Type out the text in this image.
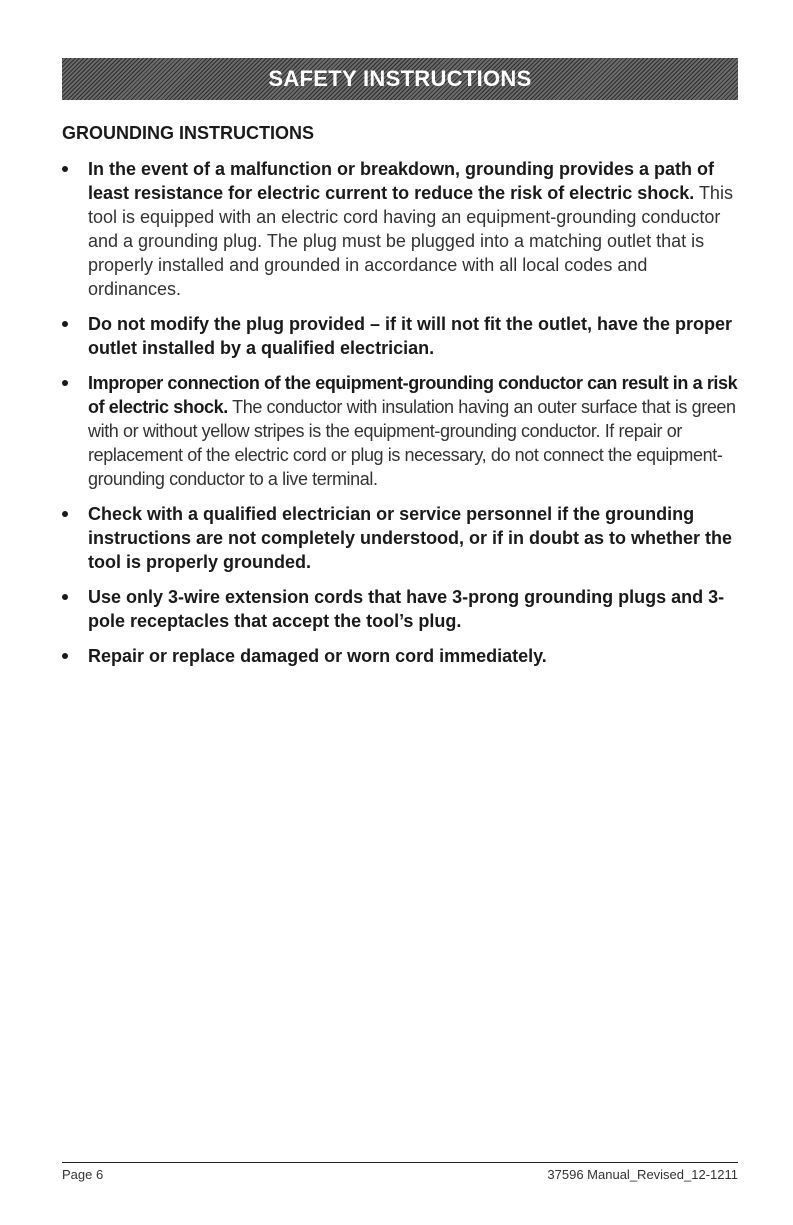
SAFETY INSTRUCTIONS
GROUNDING INSTRUCTIONS
In the event of a malfunction or breakdown, grounding provides a path of least resistance for electric current to reduce the risk of electric shock. This tool is equipped with an electric cord having an equipment-grounding conductor and a grounding plug. The plug must be plugged into a matching outlet that is properly installed and grounded in accordance with all local codes and ordinances.
Do not modify the plug provided – if it will not fit the outlet, have the proper outlet installed by a qualified electrician.
Improper connection of the equipment-grounding conductor can result in a risk of electric shock. The conductor with insulation having an outer surface that is green with or without yellow stripes is the equipment-grounding conductor. If repair or replacement of the electric cord or plug is necessary, do not connect the equipment-grounding conductor to a live terminal.
Check with a qualified electrician or service personnel if the grounding instructions are not completely understood, or if in doubt as to whether the tool is properly grounded.
Use only 3-wire extension cords that have 3-prong grounding plugs and 3-pole receptacles that accept the tool’s plug.
Repair or replace damaged or worn cord immediately.
Page 6	37596 Manual_Revised_12-1211
